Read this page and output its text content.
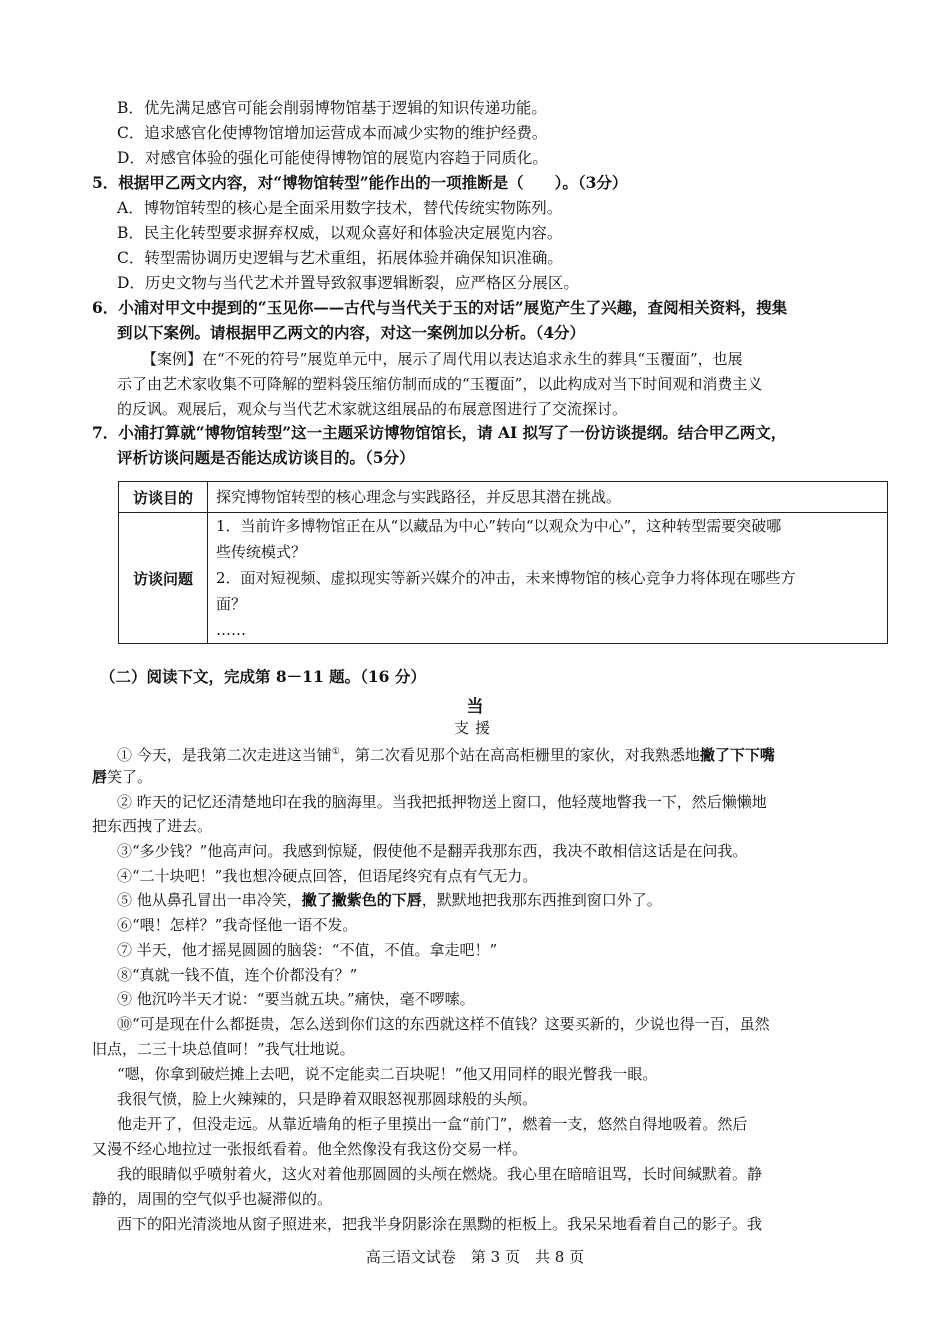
B．优先满足感官可能会削弱博物馆基于逻辑的知识传递功能。
C．追求感官化使博物馆增加运营成本而减少实物的维护经费。
D．对感官体验的强化可能使得博物馆的展览内容趋于同质化。
5．根据甲乙两文内容，对“博物馆转型”能作出的一项推断是（　　）。（3分）
A．博物馆转型的核心是全面采用数字技术，替代传统实物陈列。
B．民主化转型要求摒弃权威，以观众喜好和体验决定展览内容。
C．转型需协调历史逻辑与艺术重组，拓展体验并确保知识准确。
D．历史文物与当代艺术并置导致叙事逻辑断裂，应严格区分展区。
6．小浦对甲文中提到的“玉见你——古代与当代关于玉的对话”展览产生了兴趣，查阅相关资料，搜集
到以下案例。请根据甲乙两文的内容，对这一案例加以分析。（4分）
【案例】在“不死的符号”展览单元中，展示了周代用以表达追求永生的葬具“玉覆面”，也展
示了由艺术家收集不可降解的塑料袋压缩仿制而成的“玉覆面”，以此构成对当下时间观和消费主义
的反讽。观展后，观众与当代艺术家就这组展品的布展意图进行了交流探讨。
7．小浦打算就“博物馆转型”这一主题采访博物馆馆长，请 AI 拟写了一份访谈提纲。结合甲乙两文，
评析访谈问题是否能达成访谈目的。（5分）
访谈目的	探究博物馆转型的核心理念与实践路径，并反思其潜在挑战。
访谈问题	1．当前许多博物馆正在从“以藏品为中心”转向“以观众为中心”，这种转型需要突破哪
些传统模式？
2．面对短视频、虚拟现实等新兴媒介的冲击，未来博物馆的核心竞争力将体现在哪些方
面？
……
（二）阅读下文，完成第 8－11 题。（16 分）
当
支援
① 今天，是我第二次走进这当铺①，第二次看见那个站在高高柜栅里的家伙，对我熟悉地撇了下下嘴
唇笑了。
② 昨天的记忆还清楚地印在我的脑海里。当我把抵押物送上窗口，他轻蔑地瞥我一下，然后懒懒地
把东西拽了进去。
③“多少钱？”他高声问。我感到惊疑，假使他不是翻弄我那东西，我决不敢相信这话是在问我。
④“二十块吧！”我也想冷硬点回答，但语尾终究有点有气无力。
⑤ 他从鼻孔冒出一串冷笑，撇了撇紫色的下唇，默默地把我那东西推到窗口外了。
⑥“喂！怎样？”我奇怪他一语不发。
⑦ 半天，他才摇晃圆圆的脑袋：“不值，不值。拿走吧！”
⑧“真就一钱不值，连个价都没有？”
⑨ 他沉吟半天才说：“要当就五块。”痛快，毫不啰嗦。
⑩“可是现在什么都挺贵，怎么送到你们这的东西就这样不值钱？这要买新的，少说也得一百，虽然
旧点，二三十块总值呵！”我气壮地说。
“嗯，你拿到破烂摊上去吧，说不定能卖二百块呢！”他又用同样的眼光瞥我一眼。
我很气愤，脸上火辣辣的，只是睁着双眼怒视那圆球般的头颅。
他走开了，但没走远。从靠近墙角的柜子里摸出一盒“前门”，燃着一支，悠然自得地吸着。然后
又漫不经心地拉过一张报纸看着。他全然像没有我这份交易一样。
我的眼睛似乎喷射着火，这火对着他那圆圆的头颅在燃烧。我心里在暗暗诅骂，长时间缄默着。静
静的，周围的空气似乎也凝滞似的。
西下的阳光清淡地从窗子照进来，把我半身阴影涂在黑黝的柜板上。我呆呆地看着自己的影子。我
高三语文试卷　第 3 页　共 8 页
